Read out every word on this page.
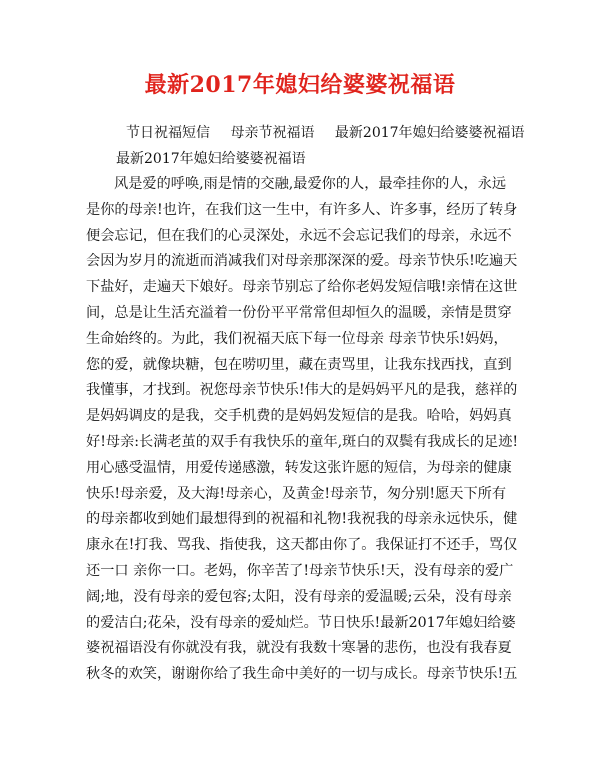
最新2017年媳妇给婆婆祝福语
节日祝福短信 母亲节祝福语 最新2017年媳妇给婆婆祝福语
最新2017年媳妇给婆婆祝福语
风是爱的呼唤,雨是情的交融,最爱你的人，最牵挂你的人，永远
是你的母亲!也许，在我们这一生中，有许多人、许多事，经历了转身
便会忘记，但在我们的心灵深处，永远不会忘记我们的母亲，永远不
会因为岁月的流逝而消减我们对母亲那深深的爱。母亲节快乐!吃遍天
下盐好，走遍天下娘好。母亲节别忘了给你老妈发短信哦!亲情在这世
间，总是让生活充溢着一份份平平常常但却恒久的温暖，亲情是贯穿
生命始终的。为此，我们祝福天底下每一位母亲 母亲节快乐!妈妈，
您的爱，就像块糖，包在唠叨里，藏在责骂里，让我东找西找，直到
我懂事，才找到。祝您母亲节快乐!伟大的是妈妈平凡的是我，慈祥的
是妈妈调皮的是我，交手机费的是妈妈发短信的是我。哈哈，妈妈真
好!母亲:长满老茧的双手有我快乐的童年,斑白的双鬓有我成长的足迹!
用心感受温情，用爱传递感激，转发这张许愿的短信，为母亲的健康
快乐!母亲爱，及大海!母亲心，及黄金!母亲节，匆分别!愿天下所有
的母亲都收到她们最想得到的祝福和礼物!我祝我的母亲永远快乐，健
康永在!打我、骂我、指使我，这天都由你了。我保证打不还手，骂仅
还一口 亲你一口。老妈，你辛苦了!母亲节快乐!天，没有母亲的爱广
阔;地，没有母亲的爱包容;太阳，没有母亲的爱温暖;云朵，没有母亲
的爱洁白;花朵，没有母亲的爱灿烂。节日快乐!最新2017年媳妇给婆
婆祝福语没有你就没有我，就没有我数十寒暑的悲伤，也没有我春夏
秋冬的欢笑，谢谢你给了我生命中美好的一切与成长。母亲节快乐!五
